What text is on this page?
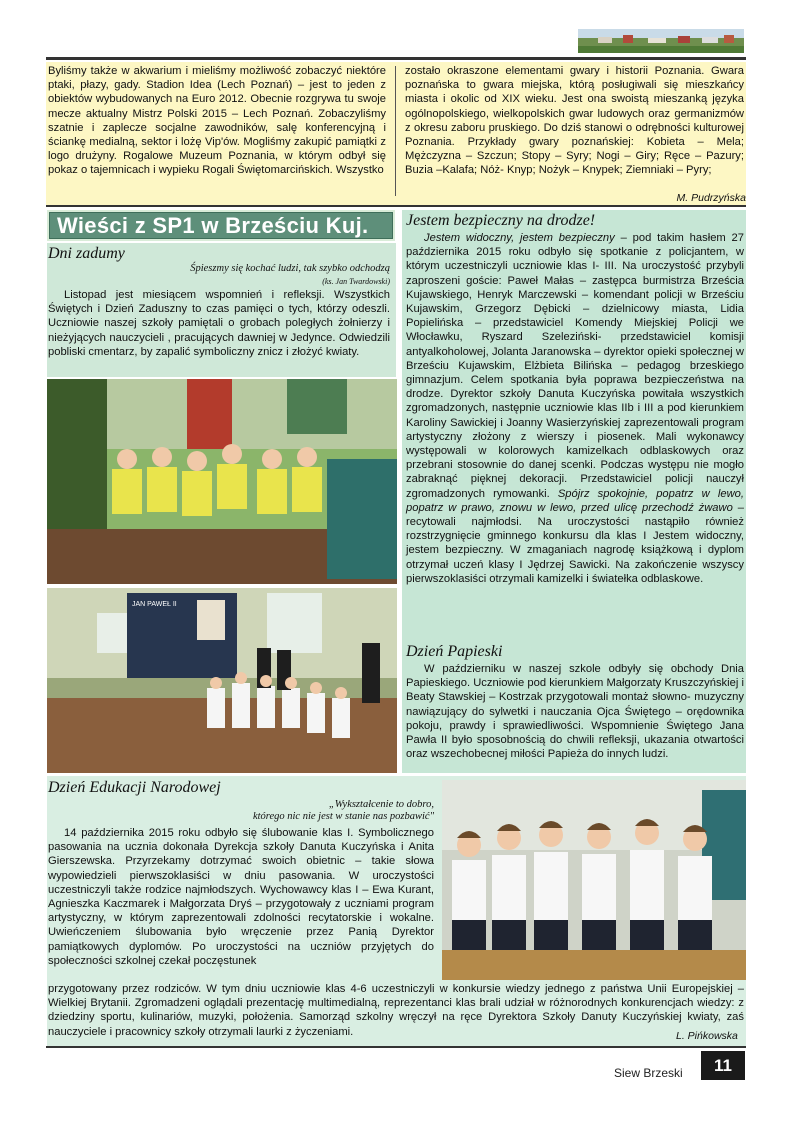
Byliśmy także w akwarium i mieliśmy możliwość zobaczyć niektóre ptaki, płazy, gady. Stadion Idea (Lech Poznań) – jest to jeden z obiektów wybudowanych na Euro 2012. Obecnie rozgrywa tu swoje mecze aktualny Mistrz Polski 2015 – Lech Poznań. Zobaczyliśmy szatnie i zaplecze socjalne zawodników, salę konferencyjną i ściankę medialną, sektor i lożę Vip'ów. Mogliśmy zakupić pamiątki z logo drużyny. Rogalowe Muzeum Poznania, w którym odbył się pokaz o tajemnicach i wypieku Rogali Świętomarcińskich. Wszystko
zostało okraszone elementami gwary i historii Poznania. Gwara poznańska to gwara miejska, którą posługiwali się mieszkańcy miasta i okolic od XIX wieku. Jest ona swoistą mieszanką języka ogólnopolskiego, wielkopolskich gwar ludowych oraz germanizmów z okresu zaboru pruskiego. Do dziś stanowi o odrębności kulturowej Poznania. Przykłady gwary poznańskiej: Kobieta – Mela; Mężczyzna – Szczun; Stopy – Syry; Nogi – Giry; Ręce – Pazury; Buzia –Kalafa; Nóż- Knyp; Nożyk – Knypek; Ziemniaki – Pyry;
M. Pudrzyńska
Wieści z SP1 w Brześciu Kuj.
Dni zadumy
Śpieszmy się kochać ludzi, tak szybko odchodzą
(ks. Jan Twardowski)
Listopad jest miesiącem wspomnień i refleksji. Wszystkich Świętych i Dzień Zaduszny to czas pamięci o tych, którzy odeszli. Uczniowie naszej szkoły pamiętali o grobach poległych żołnierzy i nieżyjących nauczycieli , pracujących dawniej w Jedynce. Odwiedzili pobliski cmentarz, by zapalić symboliczny znicz i złożyć kwiaty.
JAN PAWEŁ II
Jestem bezpieczny na drodze!
Jestem widoczny, jestem bezpieczny – pod takim hasłem 27 października 2015 roku odbyło się spotkanie z policjantem, w którym uczestniczyli uczniowie klas I- III. Na uroczystość przybyli zaproszeni goście: Paweł Małas – zastępca burmistrza Brześcia Kujawskiego, Henryk Marczewski – komendant policji w Brześciu Kujawskim, Grzegorz Dębicki – dzielnicowy miasta, Lidia Popielińska – przedstawiciel Komendy Miejskiej Policji we Włocławku, Ryszard Szeleziński- przedstawiciel komisji antyalkoholowej, Jolanta Jaranowska – dyrektor opieki społecznej w Brześciu Kujawskim, Elżbieta Bilińska – pedagog brzeskiego gimnazjum. Celem spotkania była poprawa bezpieczeństwa na drodze. Dyrektor szkoły Danuta Kuczyńska powitała wszystkich zgromadzonych, następnie uczniowie klas IIb i III a pod kierunkiem Karoliny Sawickiej i Joanny Wasierzyńskiej zaprezentowali program artystyczny złożony z wierszy i piosenek. Mali wykonawcy występowali w kolorowych kamizelkach odblaskowych oraz przebrani stosownie do danej scenki. Podczas występu nie mogło zabraknąć pięknej dekoracji. Przedstawiciel policji nauczył zgromadzonych rymowanki. Spójrz spokojnie, popatrz w lewo, popatrz w prawo, znowu w lewo, przed ulicę przechodź żwawo – recytowali najmłodsi. Na uroczystości nastąpiło również rozstrzygnięcie gminnego konkursu dla klas I Jestem widoczny, jestem bezpieczny. W zmaganiach nagrodę książkową i dyplom otrzymał uczeń klasy I Jędrzej Sawicki. Na zakończenie wszyscy pierwszoklasiści otrzymali kamizelki i światełka odblaskowe.
Dzień Papieski
W październiku w naszej szkole odbyły się obchody Dnia Papieskiego. Uczniowie pod kierunkiem Małgorzaty Kruszczyńskiej i Beaty Stawskiej – Kostrzak przygotowali montaż słowno- muzyczny nawiązujący do sylwetki i nauczania Ojca Świętego – orędownika pokoju, prawdy i sprawiedliwości. Wspomnienie Świętego Jana Pawła II było sposobnością do chwili refleksji, ukazania otwartości oraz wszechobecnej miłości Papieża do innych ludzi.
Dzień Edukacji Narodowej
„Wykształcenie to dobro,
którego nic nie jest w stanie nas pozbawić"
14 października 2015 roku odbyło się ślubowanie klas I. Symbolicznego pasowania na ucznia dokonała Dyrekcja szkoły Danuta Kuczyńska i Anita Gierszewska. Przyrzekamy dotrzymać swoich obietnic – takie słowa wypowiedzieli pierwszoklasiści w dniu pasowania. W uroczystości uczestniczyli także rodzice najmłodszych. Wychowawcy klas I – Ewa Kurant, Agnieszka Kaczmarek i Małgorzata Dryś – przygotowały z uczniami program artystyczny, w którym zaprezentowali zdolności recytatorskie i wokalne. Uwieńczeniem ślubowania było wręczenie przez Panią Dyrektor pamiątkowych dyplomów. Po uroczystości na uczniów przyjętych do społeczności szkolnej czekał poczęstunek
przygotowany przez rodziców. W tym dniu uczniowie klas 4-6 uczestniczyli w konkursie wiedzy jednego z państwa Unii Europejskiej – Wielkiej Brytanii. Zgromadzeni oglądali prezentację multimedialną, reprezentanci klas brali udział w różnorodnych konkurencjach wiedzy: z dziedziny sportu, kulinariów, muzyki, położenia. Samorząd szkolny wręczył na ręce Dyrektora Szkoły Danuty Kuczyńskiej kwiaty, zaś nauczyciele i pracownicy szkoły otrzymali laurki z życzeniami.	L. Pińkowska
Siew Brzeski	11
